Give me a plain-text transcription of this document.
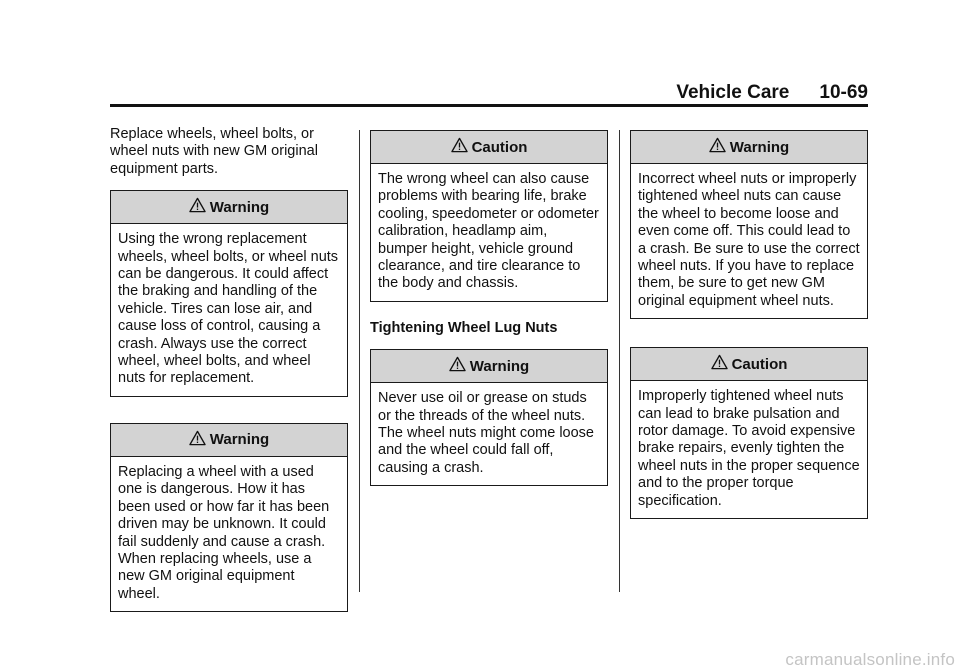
Vehicle Care 10-69

Replace wheels, wheel bolts, or wheel nuts with new GM original equipment parts.

Warning
Using the wrong replacement wheels, wheel bolts, or wheel nuts can be dangerous. It could affect the braking and handling of the vehicle. Tires can lose air, and cause loss of control, causing a crash. Always use the correct wheel, wheel bolts, and wheel nuts for replacement.
Warning
Replacing a wheel with a used one is dangerous. How it has been used or how far it has been driven may be unknown. It could fail suddenly and cause a crash. When replacing wheels, use a new GM original equipment wheel.
Caution
The wrong wheel can also cause problems with bearing life, brake cooling, speedometer or odometer calibration, headlamp aim, bumper height, vehicle ground clearance, and tire clearance to the body and chassis.

Tightening Wheel Lug Nuts

Warning
Never use oil or grease on studs or the threads of the wheel nuts. The wheel nuts might come loose and the wheel could fall off, causing a crash.
Warning
Incorrect wheel nuts or improperly tightened wheel nuts can cause the wheel to become loose and even come off. This could lead to a crash. Be sure to use the correct wheel nuts. If you have to replace them, be sure to get new GM original equipment wheel nuts.
Caution
Improperly tightened wheel nuts can lead to brake pulsation and rotor damage. To avoid expensive brake repairs, evenly tighten the wheel nuts in the proper sequence and to the proper torque specification.
carmanualsonline.info
